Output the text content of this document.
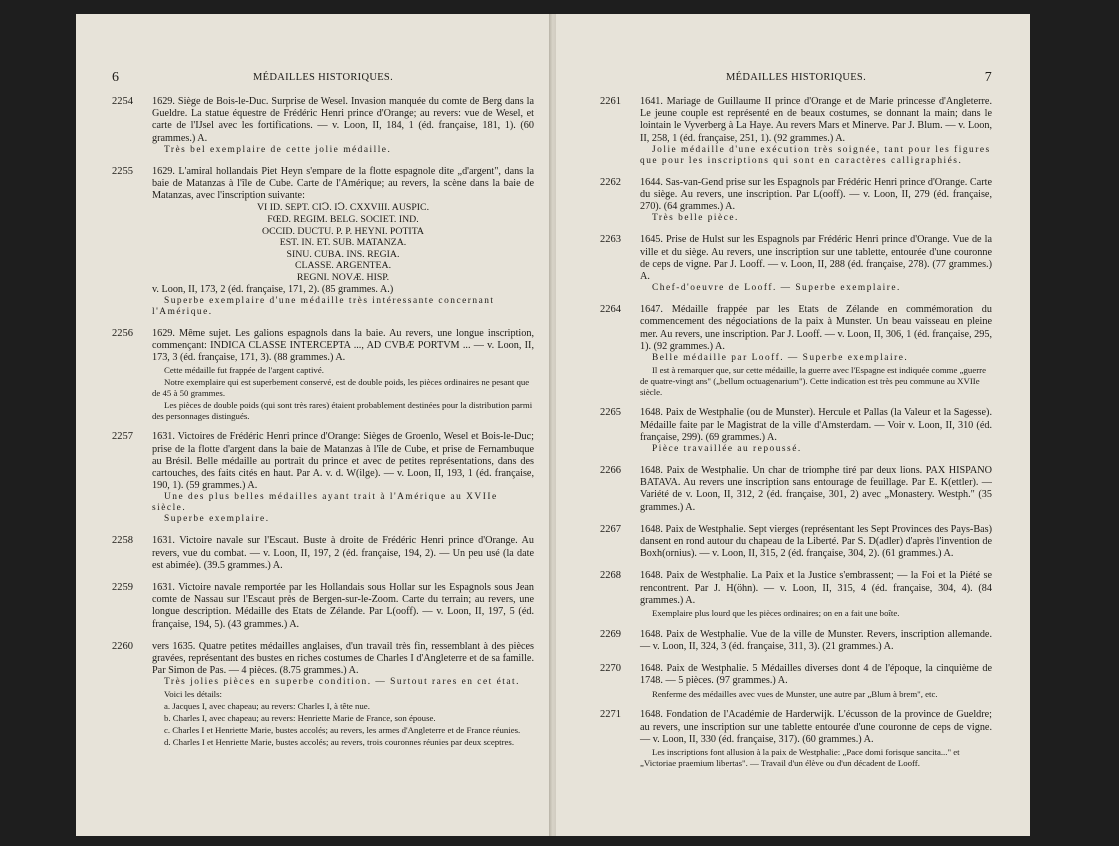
6	MÉDAILLES HISTORIQUES.
2254 1629. Siège de Bois-le-Duc. Surprise de Wesel. Invasion manquée du comte de Berg dans la Gueldre. La statue équestre de Frédéric Henri prince d'Orange; au revers: vue de Wesel, et carte de l'IJsel avec les fortifications. — v. Loon, II, 184, 1 (éd. française, 181, 1). (60 grammes.) A.
Très bel exemplaire de cette jolie médaille.
2255 1629. L'amiral hollandais Piet Heyn s'empare de la flotte espagnole dite „d'argent", dans la baie de Matanzas à l'île de Cube. Carte de l'Amérique; au revers, la scène dans la baie de Matanzas, avec l'inscription suivante:
VI ID. SEPT. CIↃ. IↃ. CXXVIII. AUSPIC.
FŒD. REGIM. BELG. SOCIET. IND.
OCCID. DUCTU. P. P. HEYNI. POTITA
EST. IN. ET. SUB. MATANZA.
SINU. CUBA. INS. REGIA.
CLASSE. ARGENTEA.
REGNI. NOVÆ. HISP.
v. Loon, II, 173, 2 (éd. française, 171, 2). (85 grammes. A.)
Superbe exemplaire d'une médaille très intéressante concernant l'Amérique.
2256 1629. Même sujet. Les galions espagnols dans la baie. Au revers, une longue inscription, commençant: INDICA CLASSE INTERCEPTA ..., AD CVBÆ PORTVM ... — v. Loon, II, 173, 3 (éd. française, 171, 3). (88 grammes.) A.
Cette médaille fut frappée de l'argent captivé.
Notre exemplaire qui est superbement conservé, est de double poids, les pièces ordinaires ne pesant que de 45 à 50 grammes.
Les pièces de double poids (qui sont très rares) étaient probablement destinées pour la distribution parmi des personnages distingués.
2257 1631. Victoires de Frédéric Henri prince d'Orange: Sièges de Groenlo, Wesel et Bois-le-Duc; prise de la flotte d'argent dans la baie de Matanzas à l'île de Cube, et prise de Fernambuque au Brésil. Belle médaille au portrait du prince et avec de petites représentations, dans des cartouches, des faits cités en haut. Par A. v. d. W(ilge). — v. Loon, II, 193, 1 (éd. française, 190, 1). (59 grammes.) A.
Une des plus belles médailles ayant trait à l'Amérique au XVIIe siècle.
Superbe exemplaire.
2258 1631. Victoire navale sur l'Escaut. Buste à droite de Frédéric Henri prince d'Orange. Au revers, vue du combat. — v. Loon, II, 197, 2 (éd. française, 194, 2). — Un peu usé (la date est abimée). (39.5 grammes.) A.
2259 1631. Victoire navale remportée par les Hollandais sous Hollar sur les Espagnols sous Jean comte de Nassau sur l'Escaut près de Bergen-sur-le-Zoom. Carte du terrain; au revers, une longue description. Médaille des Etats de Zélande. Par L(ooff). — v. Loon, II, 197, 5 (éd. française, 194, 5). (43 grammes.) A.
2260 vers 1635. Quatre petites médailles anglaises, d'un travail très fin, ressemblant à des pièces gravées, représentant des bustes en riches costumes de Charles I d'Angleterre et de sa famille. Par Simon de Pas. — 4 pièces. (8.75 grammes.) A.
Très jolies pièces en superbe condition. — Surtout rares en cet état.
Voici les détails:
a. Jacques I, avec chapeau; au revers: Charles I, à tête nue.
b. Charles I, avec chapeau; au revers: Henriette Marie de France, son épouse.
c. Charles I et Henriette Marie, bustes accolés; au revers, les armes d'Angleterre et de France réunies.
d. Charles I et Henriette Marie, bustes accolés; au revers, trois couronnes réunies par deux sceptres.
MÉDAILLES HISTORIQUES.	7
2261 1641. Mariage de Guillaume II prince d'Orange et de Marie princesse d'Angleterre. Le jeune couple est représenté en de beaux costumes, se donnant la main; dans le lointain le Vyverberg à La Haye. Au revers Mars et Minerve. Par J. Blum. — v. Loon, II, 258, 1 (éd. française, 251, 1). (92 grammes.) A.
Jolie médaille d'une exécution très soignée, tant pour les figures que pour les inscriptions qui sont en caractères calligraphiés.
2262 1644. Sas-van-Gend prise sur les Espagnols par Frédéric Henri prince d'Orange. Carte du siège. Au revers, une inscription. Par L(ooff). — v. Loon, II, 279 (éd. française, 270). (64 grammes.) A.
Très belle pièce.
2263 1645. Prise de Hulst sur les Espagnols par Frédéric Henri prince d'Orange. Vue de la ville et du siège. Au revers, une inscription sur une tablette, entourée d'une couronne de ceps de vigne. Par J. Looff. — v. Loon, II, 288 (éd. française, 278). (77 grammes.) A.
Chef-d'oeuvre de Looff. — Superbe exemplaire.
2264 1647. Médaille frappée par les Etats de Zélande en commémoration du commencement des négociations de la paix à Munster. Un beau vaisseau en pleine mer. Au revers, une inscription. Par J. Looff. — v. Loon, II, 306, 1 (éd. française, 295, 1). (92 grammes.) A.
Belle médaille par Looff. — Superbe exemplaire.
Il est à remarquer que, sur cette médaille, la guerre avec l'Espagne est indiquée comme „guerre de quatre-vingt ans" („bellum octuagenarium"). Cette indication est très peu commune au XVIIe siècle.
2265 1648. Paix de Westphalie (ou de Munster). Hercule et Pallas (la Valeur et la Sagesse). Médaille faite par le Magistrat de la ville d'Amsterdam. — Voir v. Loon, II, 310 (éd. française, 299). (69 grammes.) A.
Pièce travaillée au repoussé.
2266 1648. Paix de Westphalie. Un char de triomphe tiré par deux lions. PAX HISPANO BATAVA. Au revers une inscription sans entourage de feuillage. Par E. K(ettler). — Variété de v. Loon, II, 312, 2 (éd. française, 301, 2) avec „Monastery. Westph." (35 grammes.) A.
2267 1648. Paix de Westphalie. Sept vierges (représentant les Sept Provinces des Pays-Bas) dansent en rond autour du chapeau de la Liberté. Par S. D(adler) d'après l'invention de Boxh(ornius). — v. Loon, II, 315, 2 (éd. française, 304, 2). (61 grammes.) A.
2268 1648. Paix de Westphalie. La Paix et la Justice s'embrassent; — la Foi et la Piété se rencontrent. Par J. H(öhn). — v. Loon, II, 315, 4 (éd. française, 304, 4). (84 grammes.) A.
Exemplaire plus lourd que les pièces ordinaires; on en a fait une boîte.
2269 1648. Paix de Westphalie. Vue de la ville de Munster. Revers, inscription allemande. — v. Loon, II, 324, 3 (éd. française, 311, 3). (21 grammes.) A.
2270 1648. Paix de Westphalie. 5 Médailles diverses dont 4 de l'époque, la cinquième de 1748. — 5 pièces. (97 grammes.) A.
Renferme des médailles avec vues de Munster, une autre par „Blum à brem", etc.
2271 1648. Fondation de l'Académie de Harderwijk. L'écusson de la province de Gueldre; au revers, une inscription sur une tablette entourée d'une couronne de ceps de vigne. — v. Loon, II, 330 (éd. française, 317). (60 grammes.) A.
Les inscriptions font allusion à la paix de Westphalie: „Pace domi forisque sancita..." et „Victoriae praemium libertas". — Travail d'un élève ou d'un décadent de Looff.
